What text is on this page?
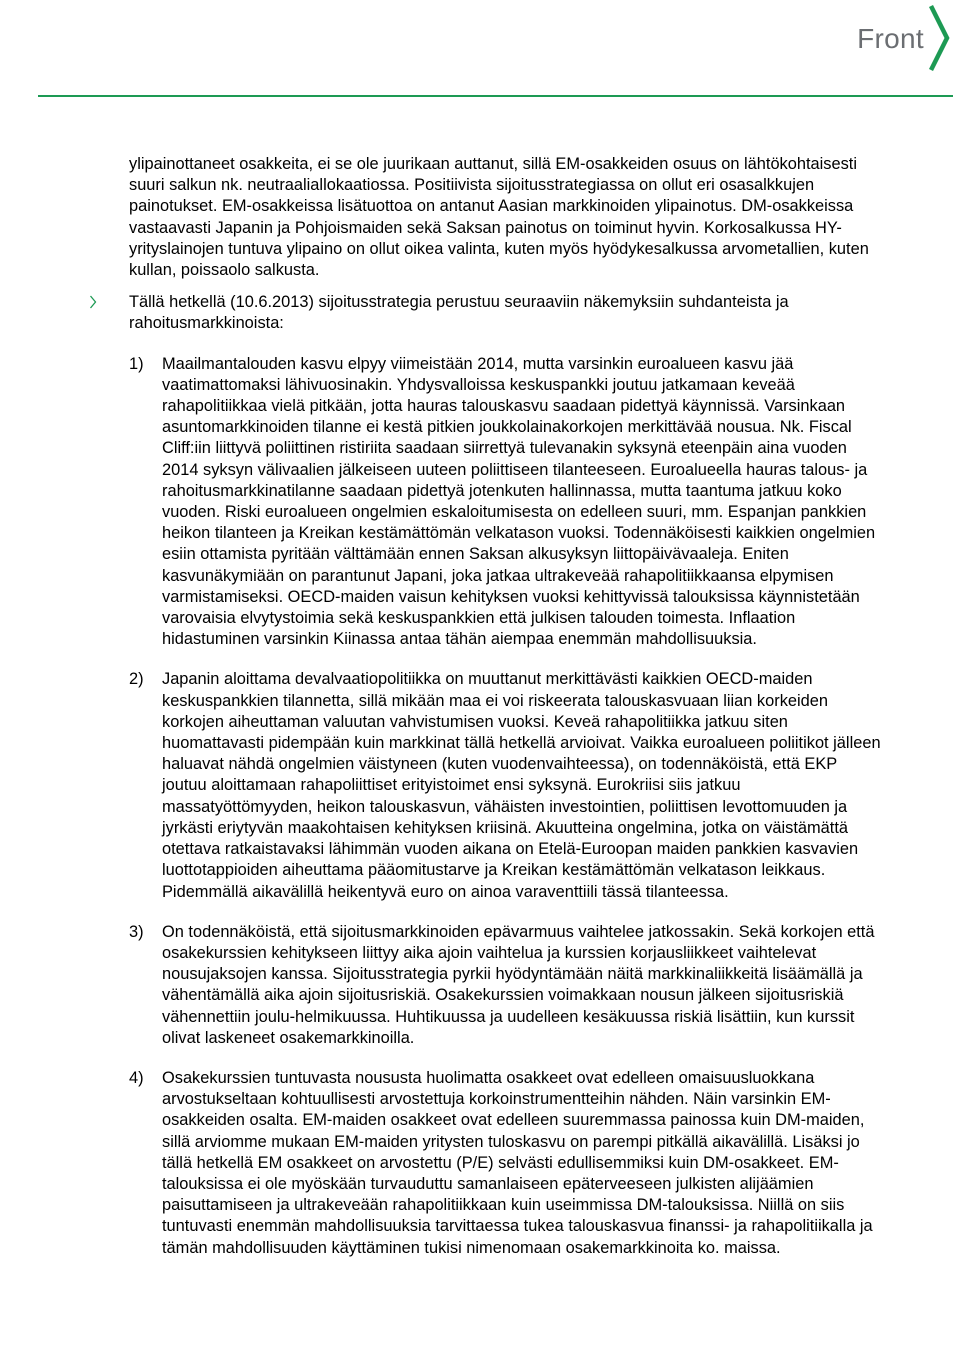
Front

ylipainottaneet osakkeita, ei se ole juurikaan auttanut, sillä EM-osakkeiden osuus on lähtökohtaisesti suuri salkun nk. neutraaliallokaatiossa. Positiivista sijoitusstrategiassa on ollut eri osasalkkujen painotukset. EM-osakkeissa lisätuottoa on antanut Aasian markkinoiden ylipainotus. DM-osakkeissa vastaavasti Japanin ja Pohjoismaiden sekä Saksan painotus on toiminut hyvin. Korkosalkussa HY-yrityslainojen tuntuva ylipaino on ollut oikea valinta, kuten myös hyödykesalkussa arvometallien, kuten kullan, poissaolo salkusta.

Tällä hetkellä (10.6.2013) sijoitusstrategia perustuu seuraaviin näkemyksiin suhdanteista ja rahoitusmarkkinoista:

1) Maailmantalouden kasvu elpyy viimeistään 2014, mutta varsinkin euroalueen kasvu jää vaatimattomaksi lähivuosinakin. Yhdysvalloissa keskuspankki joutuu jatkamaan keveää rahapolitiikkaa vielä pitkään, jotta hauras talouskasvu saadaan pidettyä käynnissä. Varsinkaan asuntomarkkinoiden tilanne ei kestä pitkien joukkolainakorkojen merkittävää nousua. Nk. Fiscal Cliff:iin liittyvä poliittinen ristiriita saadaan siirrettyä tulevanakin syksynä eteenpäin aina vuoden 2014 syksyn välivaalien jälkeiseen uuteen poliittiseen tilanteeseen. Euroalueella hauras talous- ja rahoitusmarkkinatilanne saadaan pidettyä jotenkuten hallinnassa, mutta taantuma jatkuu koko vuoden. Riski euroalueen ongelmien eskaloitumisesta on edelleen suuri, mm. Espanjan pankkien heikon tilanteen ja Kreikan kestämättömän velkatason vuoksi. Todennäköisesti kaikkien ongelmien esiin ottamista pyritään välttämään ennen Saksan alkusyksyn liittopäivävaaleja. Eniten kasvunäkymiään on parantunut Japani, joka jatkaa ultrakeveää rahapolitiikkaansa elpymisen varmistamiseksi. OECD-maiden vaisun kehityksen vuoksi kehittyvissä talouksissa käynnistetään varovaisia elvytystoimia sekä keskuspankkien että julkisen talouden toimesta. Inflaation hidastuminen varsinkin Kiinassa antaa tähän aiempaa enemmän mahdollisuuksia.

2) Japanin aloittama devalvaatiopolitiikka on muuttanut merkittävästi kaikkien OECD-maiden keskuspankkien tilannetta, sillä mikään maa ei voi riskeerata talouskasvuaan liian korkeiden korkojen aiheuttaman valuutan vahvistumisen vuoksi. Keveä rahapolitiikka jatkuu siten huomattavasti pidempään kuin markkinat tällä hetkellä arvioivat. Vaikka euroalueen poliitikot jälleen haluavat nähdä ongelmien väistyneen (kuten vuodenvaihteessa), on todennäköistä, että EKP joutuu aloittamaan rahapoliittiset erityistoimet ensi syksynä. Eurokriisi siis jatkuu massatyöttömyyden, heikon talouskasvun, vähäisten investointien, poliittisen levottomuuden ja jyrkästi eriytyvän maakohtaisen kehityksen kriisinä. Akuutteina ongelmina, jotka on väistämättä otettava ratkaistavaksi lähimmän vuoden aikana on Etelä-Euroopan maiden pankkien kasvavien luottotappioiden aiheuttama pääomitustarve ja Kreikan kestämättömän velkatason leikkaus. Pidemmällä aikavälillä heikentyvä euro on ainoa varaventtiili tässä tilanteessa.

3) On todennäköistä, että sijoitusmarkkinoiden epävarmuus vaihtelee jatkossakin. Sekä korkojen että osakekurssien kehitykseen liittyy aika ajoin vaihtelua ja kurssien korjausliikkeet vaihtelevat nousujaksojen kanssa. Sijoitusstrategia pyrkii hyödyntämään näitä markkinaliikkeitä lisäämällä ja vähentämällä aika ajoin sijoitusriskiä. Osakekurssien voimakkaan nousun jälkeen sijoitusriskiä vähennettiin joulu-helmikuussa. Huhtikuussa ja uudelleen kesäkuussa riskiä lisättiin, kun kurssit olivat laskeneet osakemarkkinoilla.

4) Osakekurssien tuntuvasta noususta huolimatta osakkeet ovat edelleen omaisuusluokkana arvostukseltaan kohtuullisesti arvostettuja korkoinstrumentteihin nähden. Näin varsinkin EM-osakkeiden osalta. EM-maiden osakkeet ovat edelleen suuremmassa painossa kuin DM-maiden, sillä arviomme mukaan EM-maiden yritysten tuloskasvu on parempi pitkällä aikavälillä. Lisäksi jo tällä hetkellä EM osakkeet on arvostettu (P/E) selvästi edullisemmiksi kuin DM-osakkeet. EM-talouksissa ei ole myöskään turvauduttu samanlaiseen epäterveeseen julkisten alijäämien paisuttamiseen ja ultrakeveään rahapolitiikkaan kuin useimmissa DM-talouksissa. Niillä on siis tuntuvasti enemmän mahdollisuuksia tarvittaessa tukea talouskasvua finanssi- ja rahapolitiikalla ja tämän mahdollisuuden käyttäminen tukisi nimenomaan osakemarkkinoita ko. maissa.
